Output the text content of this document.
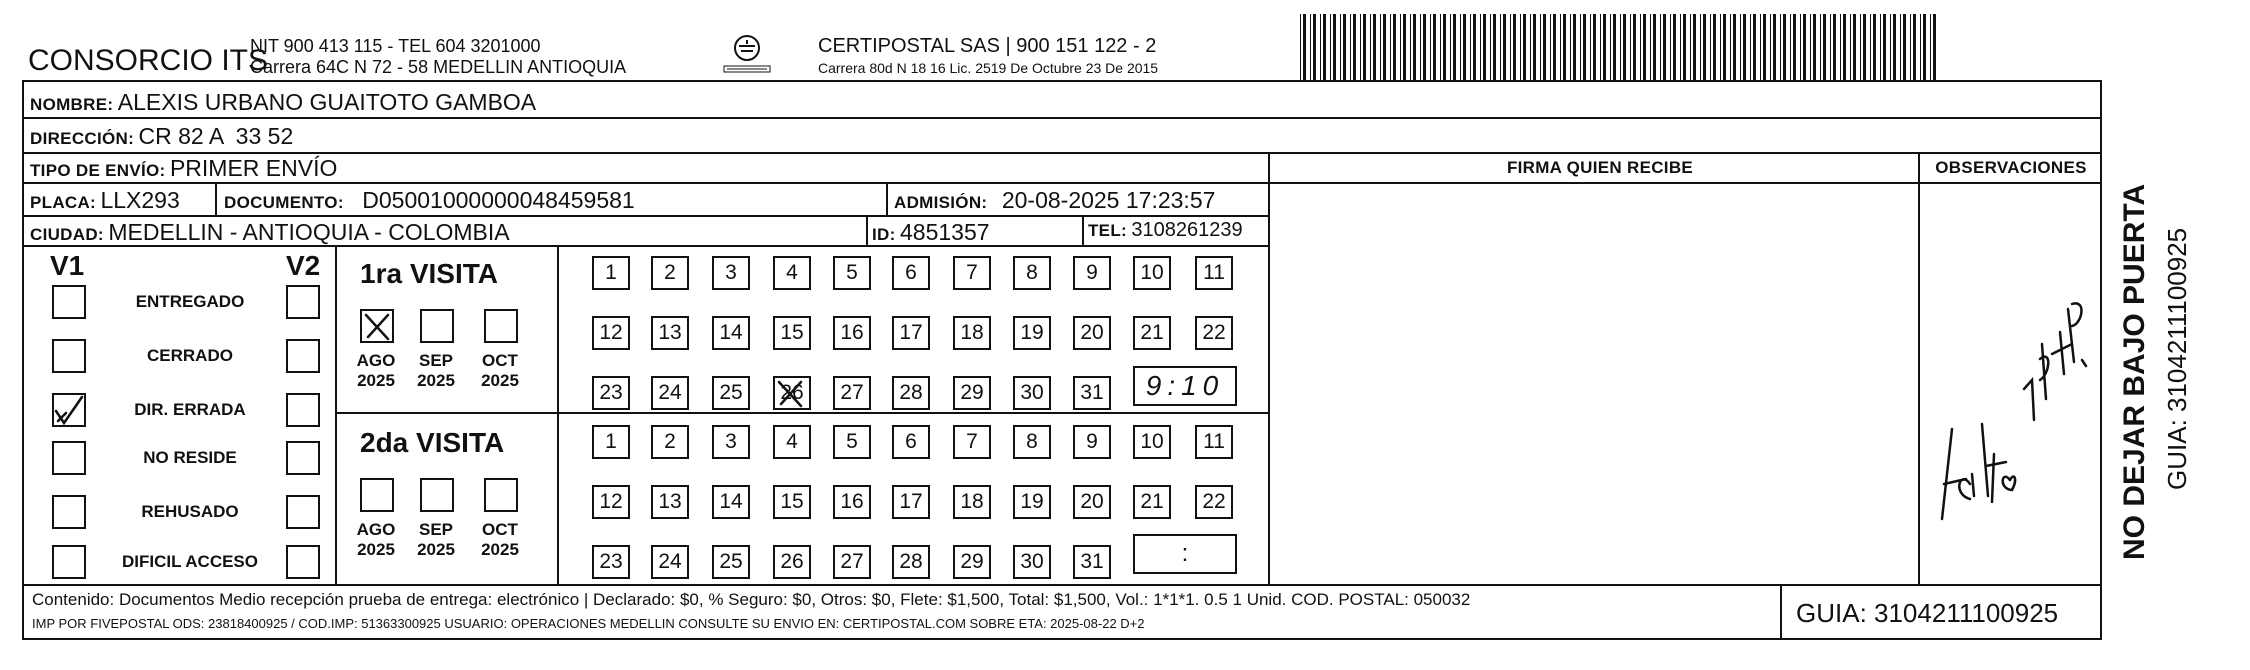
CONSORCIO ITS
NIT 900 413 115 - TEL 604 3201000
Carrera 64C N 72 - 58 MEDELLIN ANTIOQUIA
CERTIPOSTAL SAS | 900 151 122 - 2
Carrera 80d N 18 16 Lic. 2519 De Octubre 23 De 2015
NOMBRE: ALEXIS URBANO GUAITOTO GAMBOA
DIRECCIÓN: CR 82 A  33 52
TIPO DE ENVÍO: PRIMER ENVÍO	FIRMA QUIEN RECIBE	OBSERVACIONES
PLACA: LLX293	DOCUMENTO: D05001000000048459581	ADMISIÓN: 20-08-2025 17:23:57
CIUDAD: MEDELLIN - ANTIOQUIA - COLOMBIA	ID: 4851357	TEL: 3108261239
V1	V2
ENTREGADO
CERRADO
DIR. ERRADA
NO RESIDE
REHUSADO
DIFICIL ACCESO
1ra VISITA
2da VISITA
AGO
2025
SEP
2025
OCT
2025
AGO
2025
SEP
2025
OCT
2025
1	2	3	4	5	6	7	8	9	10	11
12	13	14	15	16	17	18	19	20	21	22
23	24	25	26	27	28	29	30	31
1	2	3	4	5	6	7	8	9	10	11
12	13	14	15	16	17	18	19	20	21	22
23	24	25	26	27	28	29	30	31
9:10
:
Contenido: Documentos Medio recepción prueba de entrega: electrónico | Declarado: $0, % Seguro: $0, Otros: $0, Flete: $1,500, Total: $1,500, Vol.: 1*1*1. 0.5 1 Unid. COD. POSTAL: 050032
IMP POR FIVEPOSTAL ODS: 23818400925 / COD.IMP: 51363300925 USUARIO: OPERACIONES MEDELLIN CONSULTE SU ENVIO EN: CERTIPOSTAL.COM SOBRE ETA: 2025-08-22 D+2	GUIA: 3104211100925
NO DEJAR BAJO PUERTA GUIA: 3104211100925
